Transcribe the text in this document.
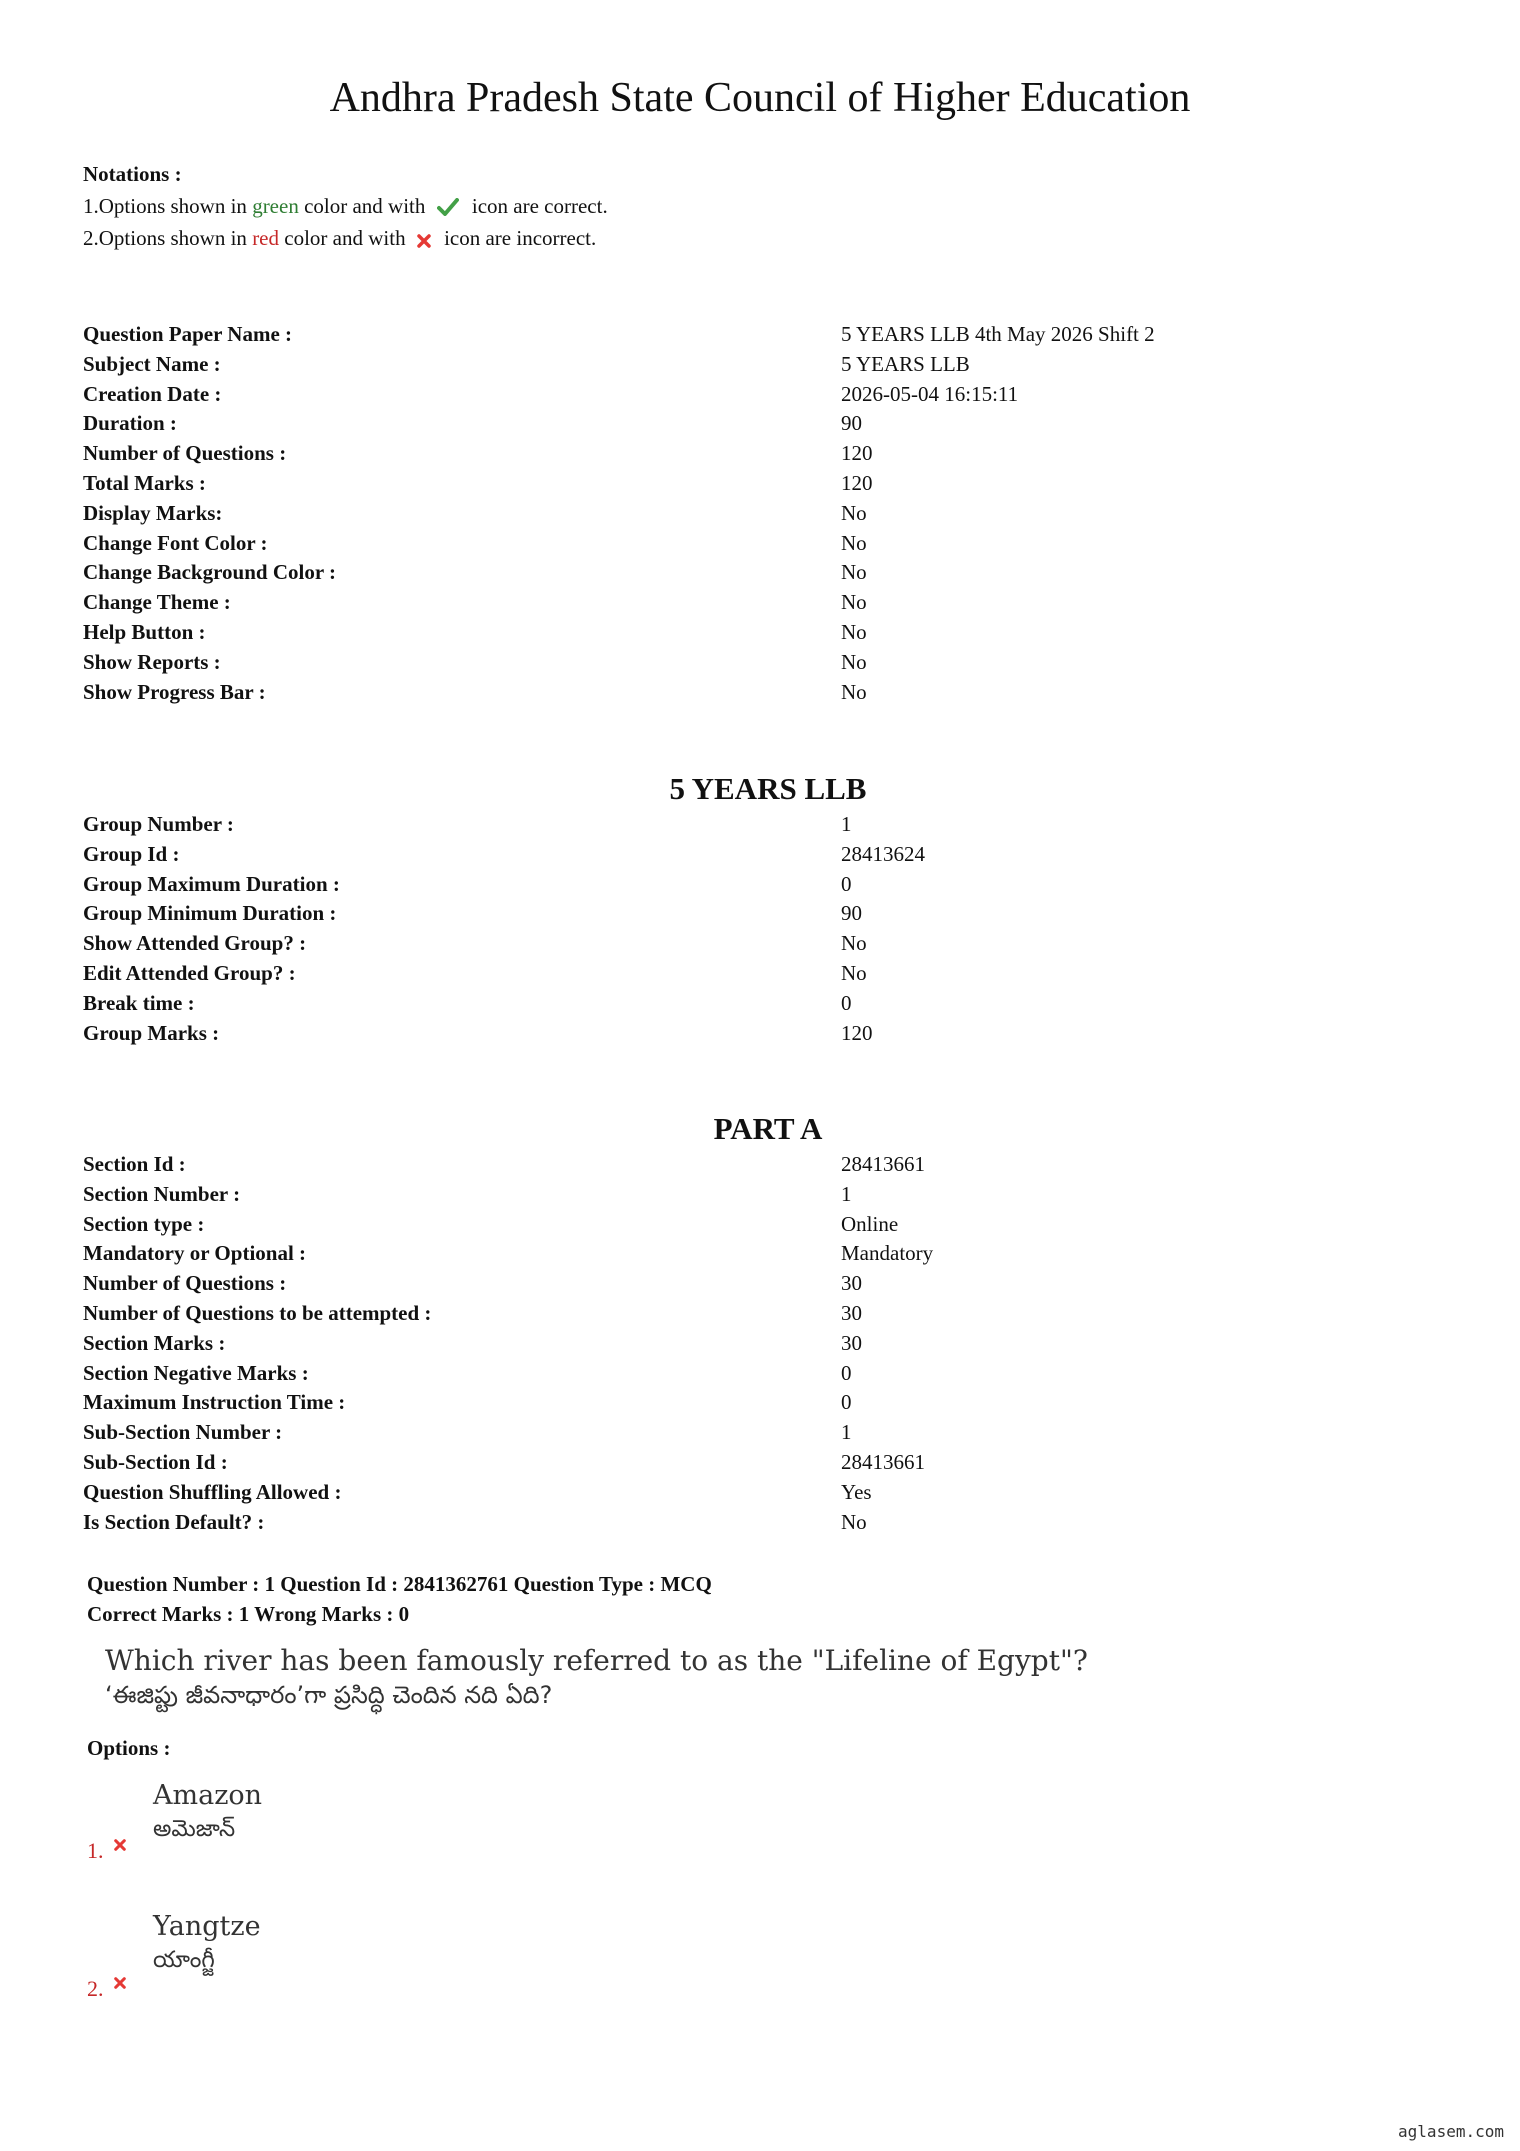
Andhra Pradesh State Council of Higher Education
Notations :
1.Options shown in green color and with
icon are correct.
2.Options shown in red color and with
icon are incorrect.
Question Paper Name :	5 YEARS LLB 4th May 2026 Shift 2
Subject Name :	5 YEARS LLB
Creation Date :	2026-05-04 16:15:11
Duration :	90
Number of Questions :	120
Total Marks :	120
Display Marks:	No
Change Font Color :	No
Change Background Color :	No
Change Theme :	No
Help Button :	No
Show Reports :	No
Show Progress Bar :	No
5 YEARS LLB
Group Number :	1
Group Id :	28413624
Group Maximum Duration :	0
Group Minimum Duration :	90
Show Attended Group? :	No
Edit Attended Group? :	No
Break time :	0
Group Marks :	120
PART A
Section Id :	28413661
Section Number :	1
Section type :	Online
Mandatory or Optional :	Mandatory
Number of Questions :	30
Number of Questions to be attempted :	30
Section Marks :	30
Section Negative Marks :	0
Maximum Instruction Time :	0
Sub-Section Number :	1
Sub-Section Id :	28413661
Question Shuffling Allowed :	Yes
Is Section Default? :	No
Question Number : 1 Question Id : 2841362761 Question Type : MCQ
Correct Marks : 1 Wrong Marks : 0
Which river has been famously referred to as the "Lifeline of Egypt"?
‘ఈజిప్టు జీవనాధారం’గా ప్రసిద్ధి చెందిన నది ఏది?
Options :
Amazon
అమెజాన్
1.
Yangtze
యాంగ్జీ
2.
aglasem.com
